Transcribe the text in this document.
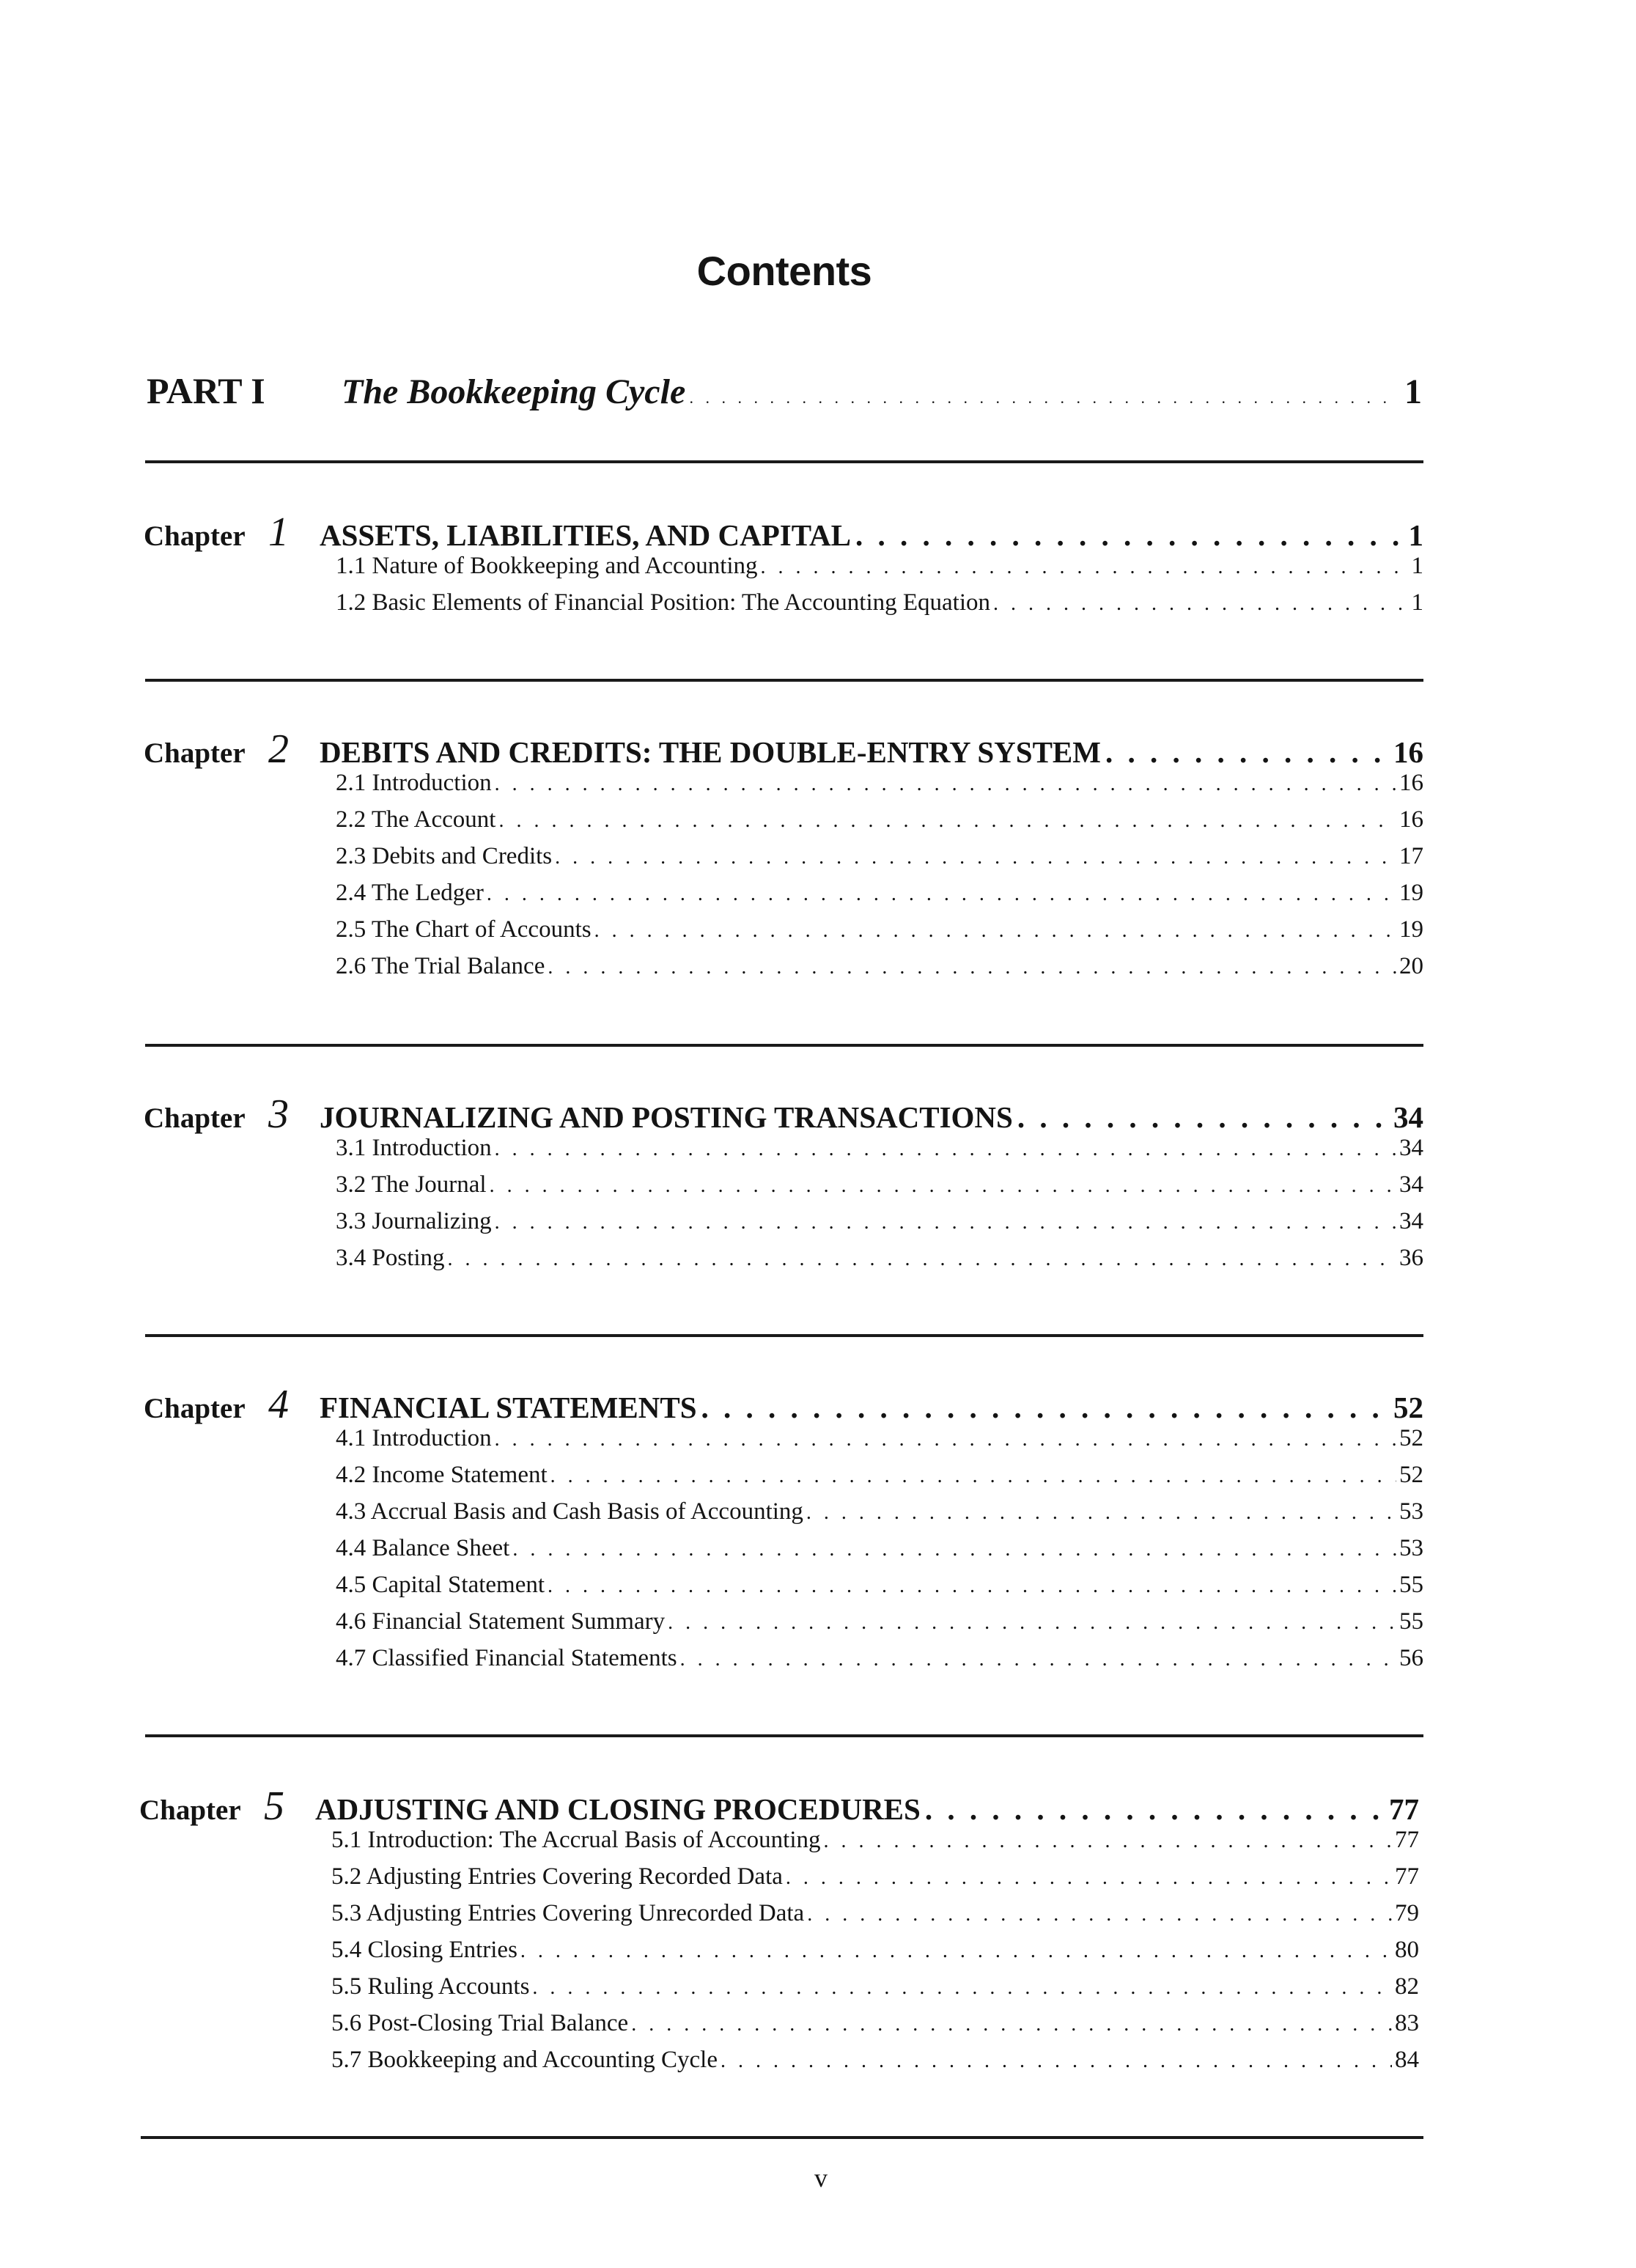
Contents
PART I	The Bookkeeping Cycle . . .	1
Chapter 1	ASSETS, LIABILITIES, AND CAPITAL . . .	1
1.1 Nature of Bookkeeping and Accounting . . .	1
1.2 Basic Elements of Financial Position: The Accounting Equation . . .	1
Chapter 2	DEBITS AND CREDITS: THE DOUBLE-ENTRY SYSTEM . . .	16
2.1 Introduction . . .	16
2.2 The Account . . .	16
2.3 Debits and Credits . . .	17
2.4 The Ledger . . .	19
2.5 The Chart of Accounts . . .	19
2.6 The Trial Balance . . .	20
Chapter 3	JOURNALIZING AND POSTING TRANSACTIONS . . .	34
3.1 Introduction . . .	34
3.2 The Journal . . .	34
3.3 Journalizing . . .	34
3.4 Posting . . .	36
Chapter 4	FINANCIAL STATEMENTS . . .	52
4.1 Introduction . . .	52
4.2 Income Statement . . .	52
4.3 Accrual Basis and Cash Basis of Accounting . . .	53
4.4 Balance Sheet . . .	53
4.5 Capital Statement . . .	55
4.6 Financial Statement Summary . . .	55
4.7 Classified Financial Statements . . .	56
Chapter 5	ADJUSTING AND CLOSING PROCEDURES . . .	77
5.1 Introduction: The Accrual Basis of Accounting . . .	77
5.2 Adjusting Entries Covering Recorded Data . . .	77
5.3 Adjusting Entries Covering Unrecorded Data . . .	79
5.4 Closing Entries . . .	80
5.5 Ruling Accounts . . .	82
5.6 Post-Closing Trial Balance . . .	83
5.7 Bookkeeping and Accounting Cycle . . .	84
v
